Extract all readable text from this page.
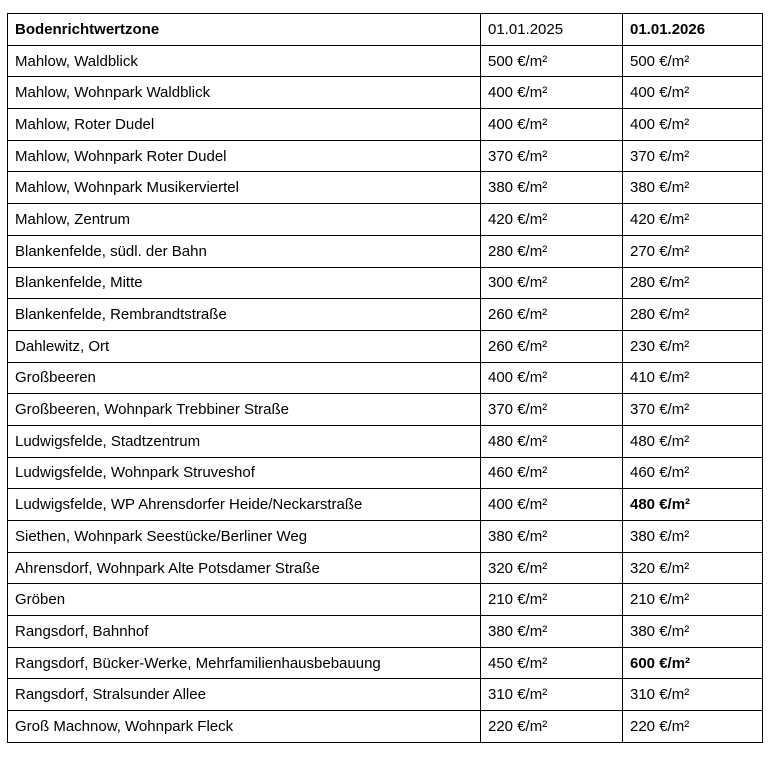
Bodenrichtwertzone	01.01.2025	01.01.2026
Mahlow, Waldblick	500 €/m²	500 €/m²
Mahlow, Wohnpark Waldblick	400 €/m²	400 €/m²
Mahlow, Roter Dudel	400 €/m²	400 €/m²
Mahlow, Wohnpark Roter Dudel	370 €/m²	370 €/m²
Mahlow, Wohnpark Musikerviertel	380 €/m²	380 €/m²
Mahlow, Zentrum	420 €/m²	420 €/m²
Blankenfelde, südl. der Bahn	280 €/m²	270 €/m²
Blankenfelde, Mitte	300 €/m²	280 €/m²
Blankenfelde, Rembrandtstraße	260 €/m²	280 €/m²
Dahlewitz, Ort	260 €/m²	230 €/m²
Großbeeren	400 €/m²	410 €/m²
Großbeeren, Wohnpark Trebbiner Straße	370 €/m²	370 €/m²
Ludwigsfelde, Stadtzentrum	480 €/m²	480 €/m²
Ludwigsfelde, Wohnpark Struveshof	460 €/m²	460 €/m²
Ludwigsfelde, WP Ahrensdorfer Heide/Neckarstraße	400 €/m²	480 €/m²
Siethen, Wohnpark Seestücke/Berliner Weg	380 €/m²	380 €/m²
Ahrensdorf, Wohnpark Alte Potsdamer Straße	320 €/m²	320 €/m²
Gröben	210 €/m²	210 €/m²
Rangsdorf, Bahnhof	380 €/m²	380 €/m²
Rangsdorf, Bücker-Werke, Mehrfamilienhausbebauung	450 €/m²	600 €/m²
Rangsdorf, Stralsunder Allee	310 €/m²	310 €/m²
Groß Machnow, Wohnpark Fleck	220 €/m²	220 €/m²
